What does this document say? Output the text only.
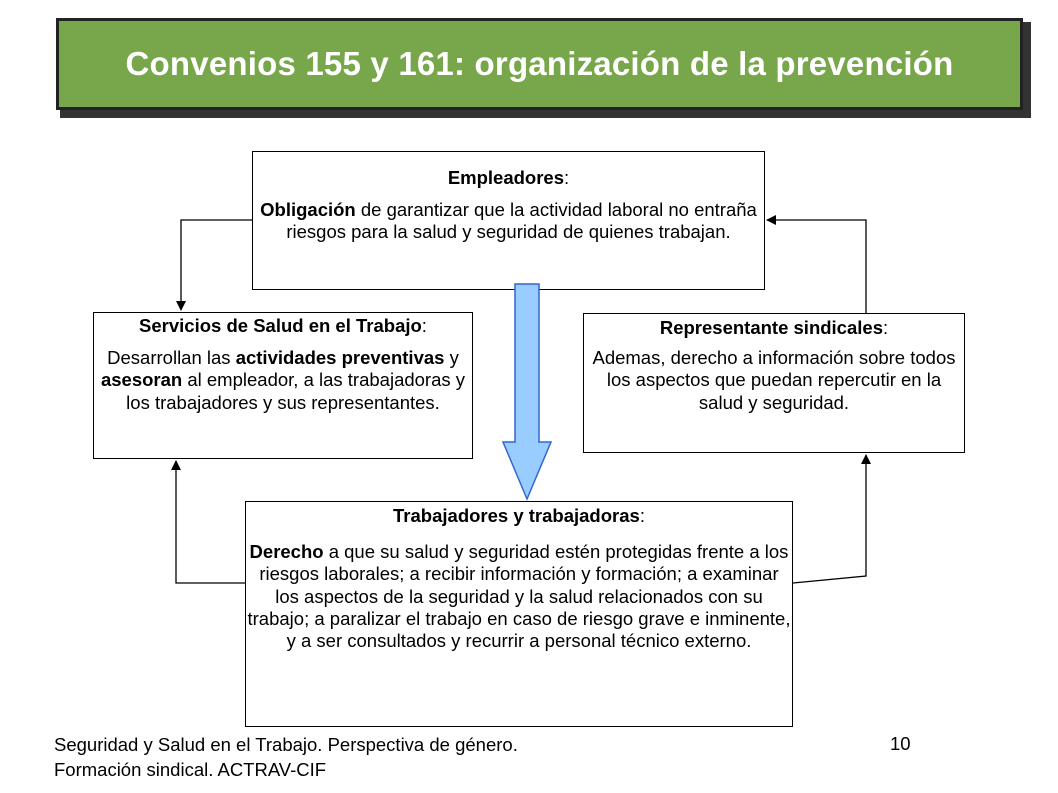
Convenios 155 y 161: organización de la prevención
Empleadores:
Obligación de garantizar que la actividad laboral no entraña riesgos para la salud y seguridad de quienes trabajan.
Servicios de Salud en el Trabajo:
Desarrollan las actividades preventivas y asesoran al empleador, a las trabajadoras y los trabajadores y sus representantes.
Representante sindicales:
Ademas, derecho a información sobre todos los aspectos que puedan repercutir en la salud y seguridad.
Trabajadores y trabajadoras:
Derecho a que su salud y seguridad estén protegidas frente a los riesgos laborales; a recibir información y formación; a examinar los aspectos de la seguridad y la salud relacionados con su trabajo; a paralizar el trabajo en caso de riesgo grave e inminente, y a ser consultados y recurrir a personal técnico externo.
Seguridad y Salud en el Trabajo. Perspectiva de género.
Formación sindical. ACTRAV-CIF
10
